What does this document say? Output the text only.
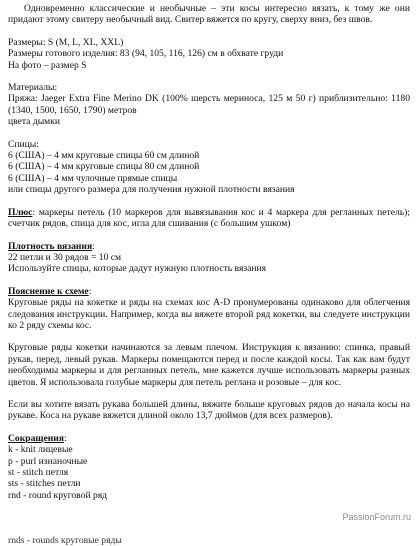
Одновременно классические и необычные – эти косы интересно вязать, к тому же они придают этому свитеру необычный вид. Свитер вяжется по кругу, сверху вниз, без швов.

Размеры: S (M, L, XL, XXL)
Размеры готового изделия: 83 (94, 105, 116, 126) см в обхвате груди
На фото – размер S

Материалы:
Пряжа: Jaeger Extra Fine Merino DK (100% шерсть мериноса, 125 м 50 г) приблизительно: 1180 (1340, 1500, 1650, 1790) метров
цвета дымки

Спицы:
6 (США) – 4 мм круговые спицы 60 см длиной
6 (США) – 4 мм круговые спицы 80 см длиной
6 (США) – 4 мм чулочные прямые спицы
или спицы другого размера для получения нужной плотности вязания

Плюс: маркеры петель (10 маркеров для вывязывания кос и 4 маркера для регланных петель); счетчик рядов, спица для кос, игла для сшивания (с большим ушком)

Плотность вязания:
22 петли и 30 рядов = 10 см
Используйте спицы, которые дадут нужную плотность вязания

Пояснение к схеме:
Круговые ряды на кокетке и ряды на схемах кос A-D пронумерованы одинаково для облегчения следования инструкции. Например, когда вы вяжете второй ряд кокетки, вы следуете инструкции ко 2 ряду схемы кос.

Круговые ряды кокетки начинаются за левым плечом. Инструкция к вязанию: спинка, правый рукав, перед, левый рукав. Маркеры помещаются перед и после каждой косы. Так как вам будут необходимы маркеры и для регланных петель, мне кажется лучше использовать маркеры разных цветов. Я использовала голубые маркеры для петель реглана и розовые – для кос.

Если вы хотите вязать рукава большей длины, вяжите больше круговых рядов до начала косы на рукаве. Коса на рукаве вяжется длиной около 13,7 дюймов (для всех размеров).

Сокращения:
k - knit лицевые
p - purl изнаночные
st - stitch петля
sts - stitches петли
rnd - round круговой ряд

PassionForum.ru
rnds - rounds круговые ряды
